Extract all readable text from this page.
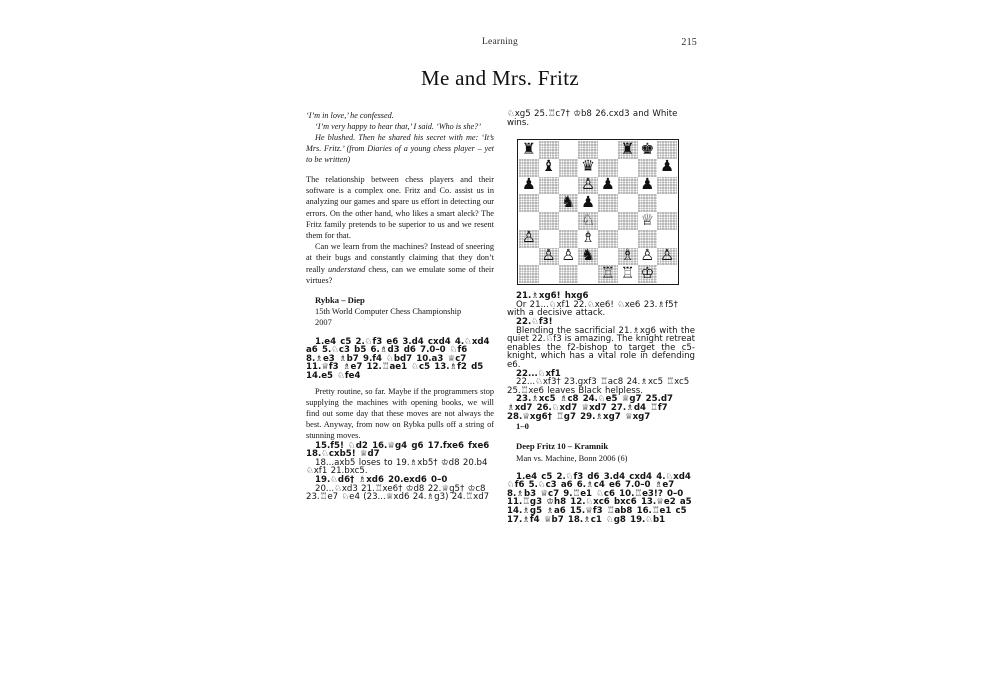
Learning	215
Me and Mrs. Fritz

‘I’m in love,’ he confessed.

‘I’m very happy to hear that,’ I said. ‘Who is she?’

He blushed. Then he shared his secret with me: ‘It’s Mrs. Fritz.’ (from Diaries of a young chess player – yet to be written)

The relationship between chess players and their software is a complex one. Fritz and Co. assist us in analyzing our games and spare us effort in detecting our errors. On the other hand, who likes a smart aleck? The Fritz family pretends to be superior to us and we resent them for that.

Can we learn from the machines? Instead of sneering at their bugs and constantly claiming that they don’t really understand chess, can we emulate some of their virtues?

Rybka – Diep

15th World Computer Chess Championship

2007

1.e4 c5 2.♘f3 e6 3.d4 cxd4 4.♘xd4 a6 5.♘c3 b5 6.♗d3 d6 7.0–0 ♘f6 8.♗e3 ♗b7 9.f4 ♘bd7 10.a3 ♕c7 11.♕f3 ♗e7 12.♖ae1 ♘c5 13.♗f2 d5 14.e5 ♘fe4

Pretty routine, so far. Maybe if the programmers stop supplying the machines with opening books, we will find out some day that these moves are not always the best. Anyway, from now on Rybka pulls off a string of stunning moves.

15.f5! ♘d2 16.♕g4 g6 17.fxe6 fxe6 18.♘cxb5! ♕d7

18...axb5 loses to 19.♗xb5† ♔d8 20.b4 ♘xf1 21.bxc5.

19.♘d6† ♗xd6 20.exd6 0–0

20...♘xd3 21.♖xe6† ♔d8 22.♕g5† ♔c8 23.♖e7 ♘e4 (23...♕xd6 24.♗g3) 24.♖xd7

♘xg5 25.♖c7† ♔b8 26.cxd3 and White wins.

21.♗xg6! hxg6

Or 21...♘xf1 22.♘xe6! ♘xe6 23.♗f5† with a decisive attack.

22.♘f3!

Blending the sacrificial 21.♗xg6 with the quiet 22.♘f3 is amazing. The knight retreat enables the f2-bishop to target the c5-knight, which has a vital role in defending e6.

22...♘xf1

22...♘xf3† 23.gxf3 ♖ac8 24.♗xc5 ♖xc5 25.♖xe6 leaves Black helpless.

23.♗xc5 ♗c8 24.♘e5 ♕g7 25.d7 ♗xd7 26.♘xd7 ♕xd7 27.♗d4 ♖f7 28.♕xg6† ♖g7 29.♗xg7 ♕xg7

1–0

Deep Fritz 10 – Kramnik

Man vs. Machine, Bonn 2006 (6)

1.e4 c5 2.♘f3 d6 3.d4 cxd4 4.♘xd4 ♘f6 5.♘c3 a6 6.♗c4 e6 7.0–0 ♗e7 8.♗b3 ♕c7 9.♖e1 ♘c6 10.♖e3!? 0–0 11.♖g3 ♔h8 12.♘xc6 bxc6 13.♕e2 a5 14.♗g5 ♗a6 15.♕f3 ♖ab8 16.♖e1 c5 17.♗f4 ♕b7 18.♗c1 ♘g8 19.♘b1

♜	♜ ♚
♝ ♛	♟
♟	♙ ♟ ♟
♞ ♟
♘	♕
♙	♗
♙ ♙ ♞ ♗ ♙ ♙
♖ ♖ ♔
